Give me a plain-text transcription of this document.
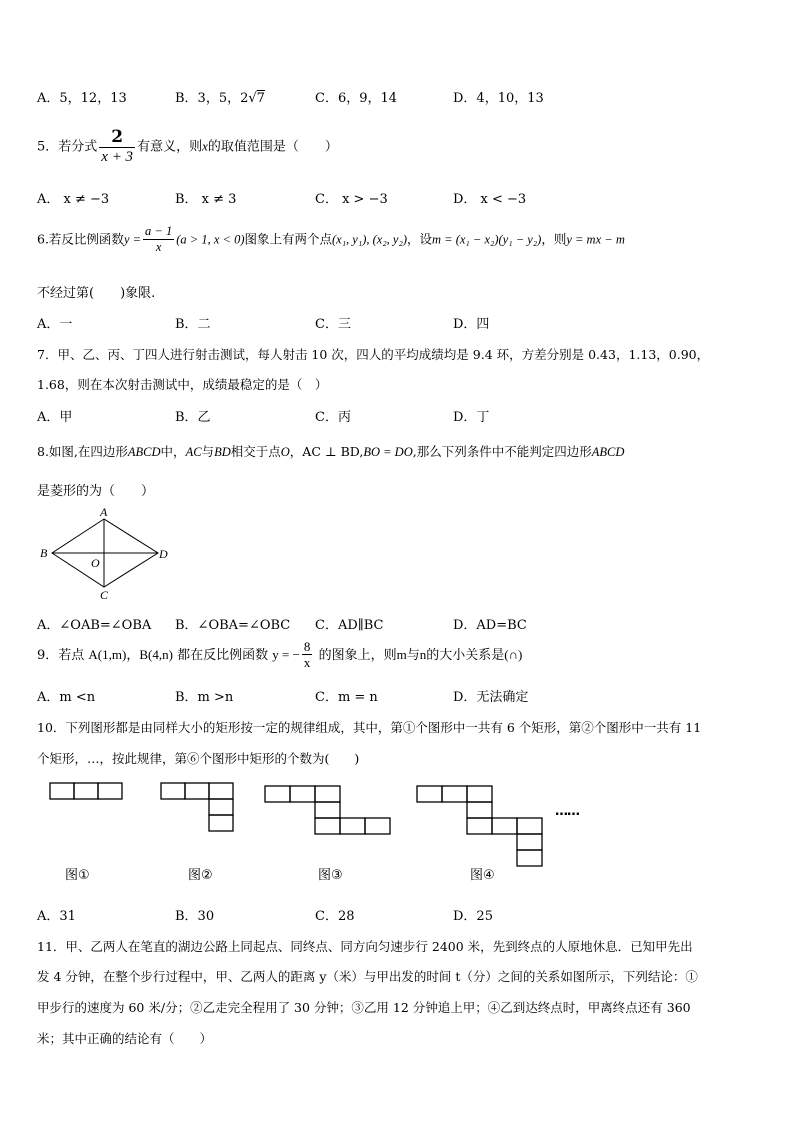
A．5，12，13	B．3，5，2√7	C．6，9，14	D．4，10，13
5．若分式 $\frac{2}{x + 3}$ 有意义，则x的取值范围是（　　）
A． x ≠ −3	B． x ≠ 3	C． x > −3	D． x < −3
6.若反比例函数$y = \frac{a - 1}{x} (a > 1$, x < 0)图象上有两个点(x₁, y₁), (x₂, y₂)，设m = (x₁ − x₂)(y₁ − y₂)，则y = mx − m
不经过第(　　)象限.
A．一	B．二	C．三	D．四
7．甲、乙、丙、丁四人进行射击测试，每人射击 10 次，四人的平均成绩均是 9.4 环，方差分别是 0.43，1.13，0.90，
1.68，则在本次射击测试中，成绩最稳定的是（　）
A．甲	B．乙	C．丙	D．丁
8.如图,在四边形ABCD中，AC与BD相交于点O，AC ⊥ BD,BO = DO,那么下列条件中不能判定四边形ABCD
是菱形的为（　　）
A
B
C
D
O
A．∠OAB=∠OBA B．∠OBA=∠OBC C．AD∥BC	D．AD=BC
9．若点 A(1,m)，B(4,n) 都在反比例函数 y = − $\frac{8}{x}$ 的图象上，则m与n的大小关系是(∩)
A．m <n	B．m >n	C．m = n	D．无法确定
10．下列图形都是由同样大小的矩形按一定的规律组成，其中，第①个图形中一共有 6 个矩形，第②个图形中一共有 11
个矩形，…，按此规律，第⑥个图形中矩形的个数为(　　)
……
图①	图②	图③	图④
A．31	B．30	C．28	D．25
11．甲、乙两人在笔直的湖边公路上同起点、同终点、同方向匀速步行 2400 米，先到终点的人原地休息．已知甲先出
发 4 分钟，在整个步行过程中，甲、乙两人的距离 y（米）与甲出发的时间 t（分）之间的关系如图所示，下列结论：①
甲步行的速度为 60 米/分；②乙走完全程用了 30 分钟；③乙用 12 分钟追上甲；④乙到达终点时，甲离终点还有 360
米；其中正确的结论有（　　）
